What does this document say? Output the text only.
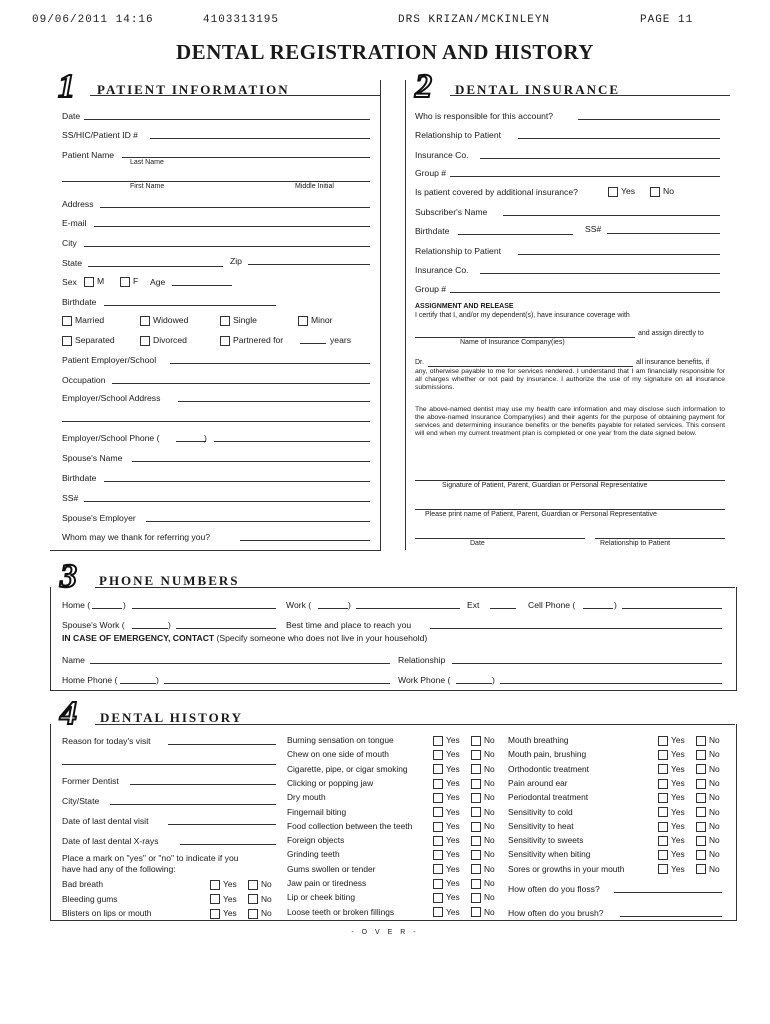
09/06/2011 14:16	4103313195	DRS KRIZAN/MCKINLEYN	PAGE 11
DENTAL REGISTRATION AND HISTORY
1 PATIENT INFORMATION
Date
SS/HIC/Patient ID #
Patient Name
Last Name
First Name	Middle Initial
Address
E-mail
City
State	Zip
Sex	M	F Age
Birthdate
Married	Widowed	Single	Minor
Separated	Divorced	Partnered for	years
Patient Employer/School
Occupation
Employer/School Address
Employer/School Phone (	)
Spouse's Name
Birthdate
SS#
Spouse's Employer
Whom may we thank for referring you?
2 DENTAL INSURANCE
Who is responsible for this account?
Relationship to Patient
Insurance Co.
Group #
Is patient covered by additional insurance?	Yes	No
Subscriber's Name
Birthdate	SS#
Relationship to Patient
Insurance Co.
Group #
ASSIGNMENT AND RELEASE
I certify that I, and/or my dependent(s), have insurance coverage with
and assign directly to
Name of Insurance Company(ies)
Dr.	all insurance benefits, if
any, otherwise payable to me for services rendered. I understand that I am financially responsible for all charges whether or not paid by insurance. I authorize the use of my signature on all insurance submissions.
The above-named dentist may use my health care information and may disclose such information to the above-named Insurance Company(ies) and their agents for the purpose of obtaining payment for services and determining insurance benefits or the benefits payable for related services. This consent will end when my current treatment plan is completed or one year from the date signed below.
Signature of Patient, Parent, Guardian or Personal Representative
Please print name of Patient, Parent, Guardian or Personal Representative
Date	Relationship to Patient
3 PHONE NUMBERS
Home (	)	Work (	)	Ext	Cell Phone (	)
Spouse's Work (	)	Best time and place to reach you
IN CASE OF EMERGENCY, CONTACT (Specify someone who does not live in your household)
Name	Relationship
Home Phone (	)	Work Phone (	)
4 DENTAL HISTORY
Reason for today's visit
Former Dentist
City/State
Date of last dental visit
Date of last dental X-rays
Place a mark on "yes" or "no" to indicate if you
have had any of the following:
Bad breath	Yes	No
Bleeding gums	Yes	No
Blisters on lips or mouth	Yes	No
Burning sensation on tongue	Yes	No
Chew on one side of mouth	Yes	No
Cigarette, pipe, or cigar smoking	Yes	No
Clicking or popping jaw	Yes	No
Dry mouth	Yes	No
Fingernail biting	Yes	No
Food collection between the teeth	Yes	No
Foreign objects	Yes	No
Grinding teeth	Yes	No
Gums swollen or tender	Yes	No
Jaw pain or tiredness	Yes	No
Lip or cheek biting	Yes	No
Loose teeth or broken fillings	Yes	No
Mouth breathing	Yes	No
Mouth pain, brushing	Yes	No
Orthodontic treatment	Yes	No
Pain around ear	Yes	No
Periodontal treatment	Yes	No
Sensitivity to cold	Yes	No
Sensitivity to heat	Yes	No
Sensitivity to sweets	Yes	No
Sensitivity when biting	Yes	No
Sores or growths in your mouth	Yes	No
How often do you floss?
How often do you brush?
- O V E R -
